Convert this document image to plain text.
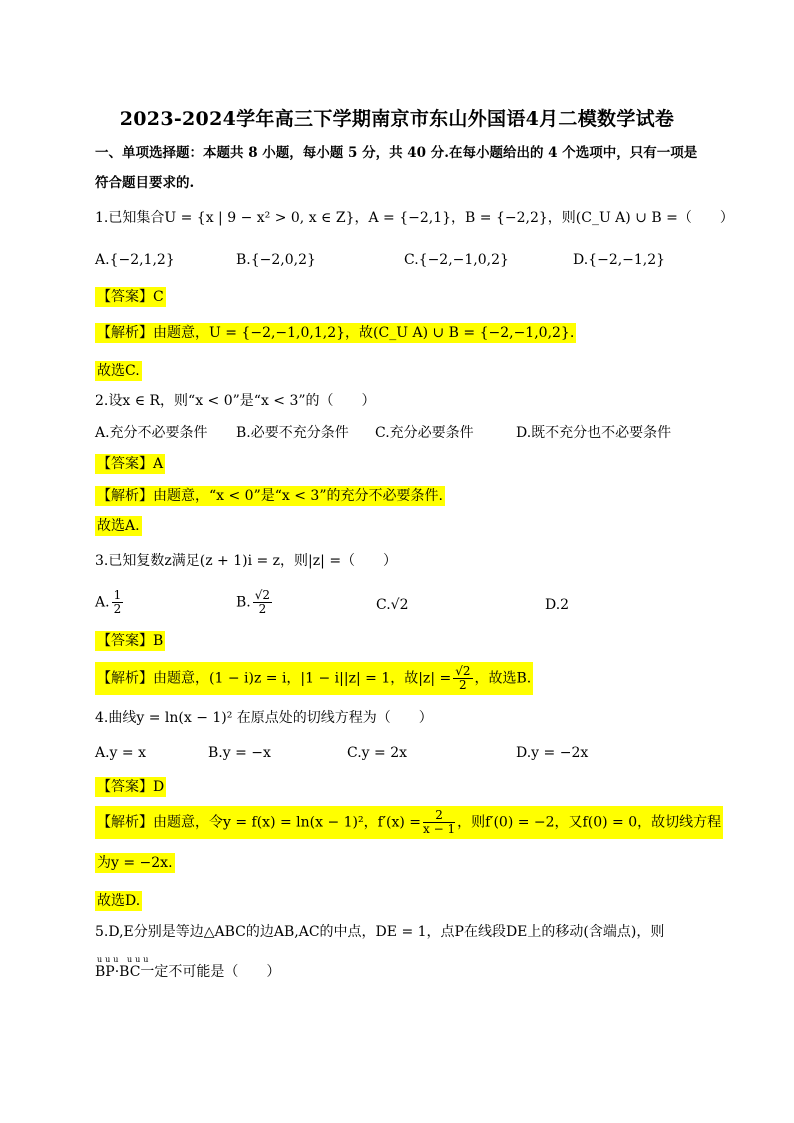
2023-2024学年高三下学期南京市东山外国语4月二模数学试卷
一、单项选择题：本题共 8 小题，每小题 5 分，共 40 分.在每小题给出的 4 个选项中，只有一项是
符合题目要求的.
1.已知集合U = {x | 9 − x² > 0, x ∈ Z}，A = {−2,1}，B = {−2,2}，则(C_U A) ∪ B =（　　）
A.{−2,1,2}	B.{−2,0,2}	C.{−2,−1,0,2}	D.{−2,−1,2}
【答案】C
【解析】由题意，U = {−2,−1,0,1,2}，故(C_U A) ∪ B = {−2,−1,0,2}.
故选C.
2.设x ∈ R，则“x < 0”是“x < 3”的（　　）
A.充分不必要条件 B.必要不充分条件 C.充分必要条件	D.既不充分也不必要条件
【答案】A
【解析】由题意，“x < 0”是“x < 3”的充分不必要条件.
故选A.
3.已知复数z满足(z + 1)i = z，则|z| =（　　）
A. $\frac{1}{2}$	B. $\frac{√2}{2}$	C.√2	D.2
【答案】B
【解析】由题意，(1 − i)z = i，|1 − i||z| = 1，故$|z| = \frac{√2}{2}$ ，故选B.
4.曲线y = ln(x − 1)² 在原点处的切线方程为（　　）
A.y = x	B.y = −x	C.y = 2x	D.y = −2x
【答案】D
【解析】由题意，令y = f(x) = ln(x − 1)²，$f'(x) = \frac{2}{x - 1}$ ，则f′(0) = −2，又f(0) = 0，故切线方程
为y = −2x.
故选D.
5.D,E分别是等边△ABC的边AB,AC的中点，DE = 1，点P在线段DE上的移动(含端点)，则
uuu uuu
BP·BC一定不可能是（　　）
